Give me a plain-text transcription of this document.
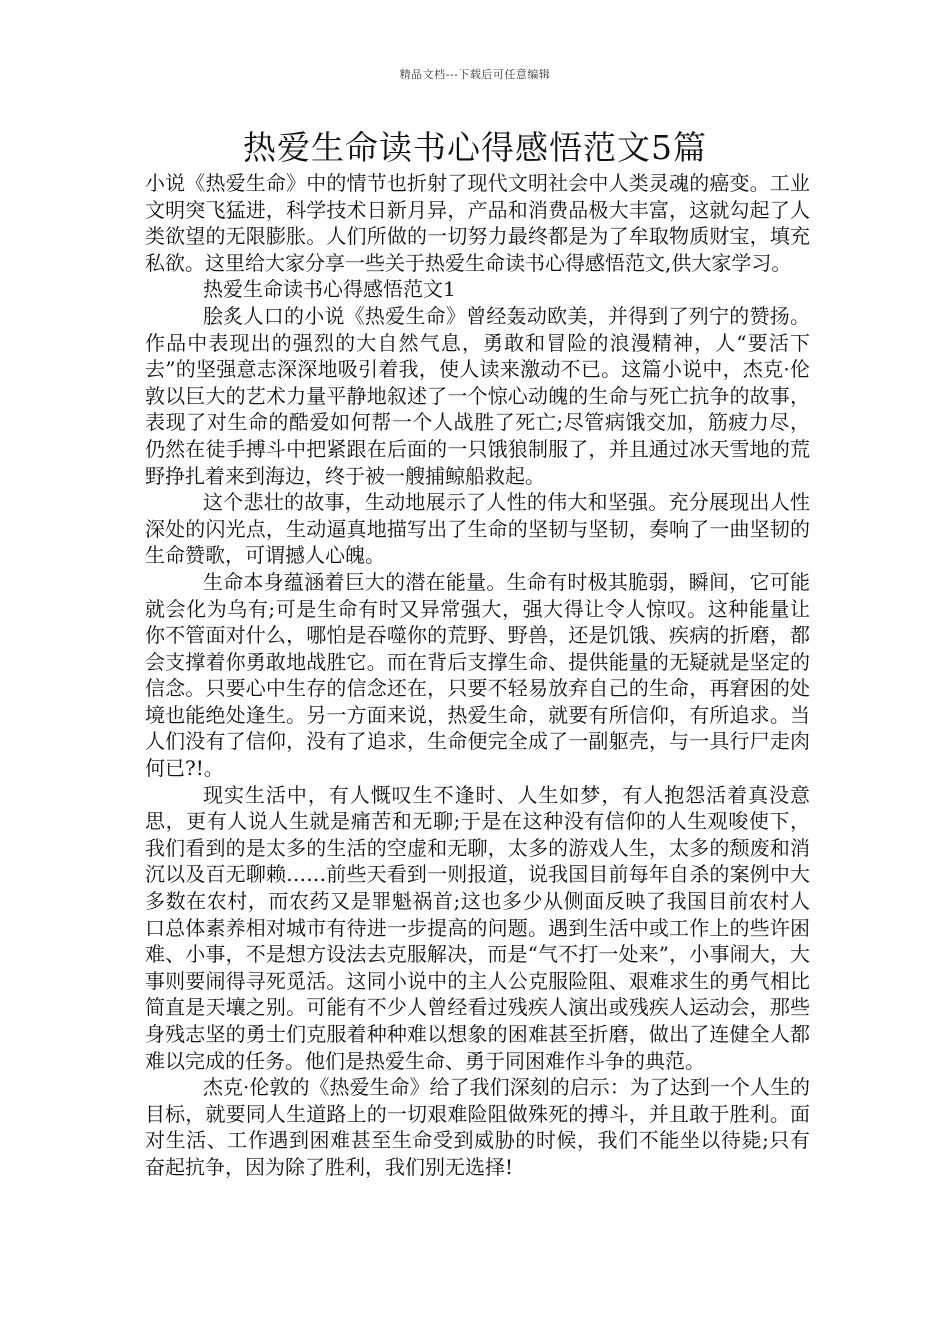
精品文档---下载后可任意编辑
热爱生命读书心得感悟范文5篇

小说《热爱生命》中的情节也折射了现代文明社会中人类灵魂的癌变。工业文明突飞猛进，科学技术日新月异，产品和消费品极大丰富，这就勾起了人类欲望的无限膨胀。人们所做的一切努力最终都是为了牟取物质财宝，填充私欲。这里给大家分享一些关于热爱生命读书心得感悟范文,供大家学习。

热爱生命读书心得感悟范文1

脍炙人口的小说《热爱生命》曾经轰动欧美，并得到了列宁的赞扬。作品中表现出的强烈的大自然气息，勇敢和冒险的浪漫精神，人“要活下去”的坚强意志深深地吸引着我，使人读来激动不已。这篇小说中，杰克·伦敦以巨大的艺术力量平静地叙述了一个惊心动魄的生命与死亡抗争的故事，表现了对生命的酷爱如何帮一个人战胜了死亡;尽管病饿交加，筋疲力尽，仍然在徒手搏斗中把紧跟在后面的一只饿狼制服了，并且通过冰天雪地的荒野挣扎着来到海边，终于被一艘捕鲸船救起。

这个悲壮的故事，生动地展示了人性的伟大和坚强。充分展现出人性深处的闪光点，生动逼真地描写出了生命的坚韧与坚韧，奏响了一曲坚韧的生命赞歌，可谓撼人心魄。

生命本身蕴涵着巨大的潜在能量。生命有时极其脆弱，瞬间，它可能就会化为乌有;可是生命有时又异常强大，强大得让令人惊叹。这种能量让你不管面对什么，哪怕是吞噬你的荒野、野兽，还是饥饿、疾病的折磨，都会支撑着你勇敢地战胜它。而在背后支撑生命、提供能量的无疑就是坚定的信念。只要心中生存的信念还在，只要不轻易放弃自己的生命，再窘困的处境也能绝处逢生。另一方面来说，热爱生命，就要有所信仰，有所追求。当人们没有了信仰，没有了追求，生命便完全成了一副躯壳，与一具行尸走肉何已?!。

现实生活中，有人慨叹生不逢时、人生如梦，有人抱怨活着真没意思，更有人说人生就是痛苦和无聊;于是在这种没有信仰的人生观唆使下，我们看到的是太多的生活的空虚和无聊，太多的游戏人生，太多的颓废和消沉以及百无聊赖……前些天看到一则报道，说我国目前每年自杀的案例中大多数在农村，而农药又是罪魁祸首;这也多少从侧面反映了我国目前农村人口总体素养相对城市有待进一步提高的问题。遇到生活中或工作上的些许困难、小事，不是想方设法去克服解决，而是“气不打一处来”，小事闹大，大事则要闹得寻死觅活。这同小说中的主人公克服险阻、艰难求生的勇气相比简直是天壤之别。可能有不少人曾经看过残疾人演出或残疾人运动会，那些身残志坚的勇士们克服着种种难以想象的困难甚至折磨，做出了连健全人都难以完成的任务。他们是热爱生命、勇于同困难作斗争的典范。

杰克·伦敦的《热爱生命》给了我们深刻的启示：为了达到一个人生的目标，就要同人生道路上的一切艰难险阻做殊死的搏斗，并且敢于胜利。面对生活、工作遇到困难甚至生命受到威胁的时候，我们不能坐以待毙;只有奋起抗争，因为除了胜利，我们别无选择!
